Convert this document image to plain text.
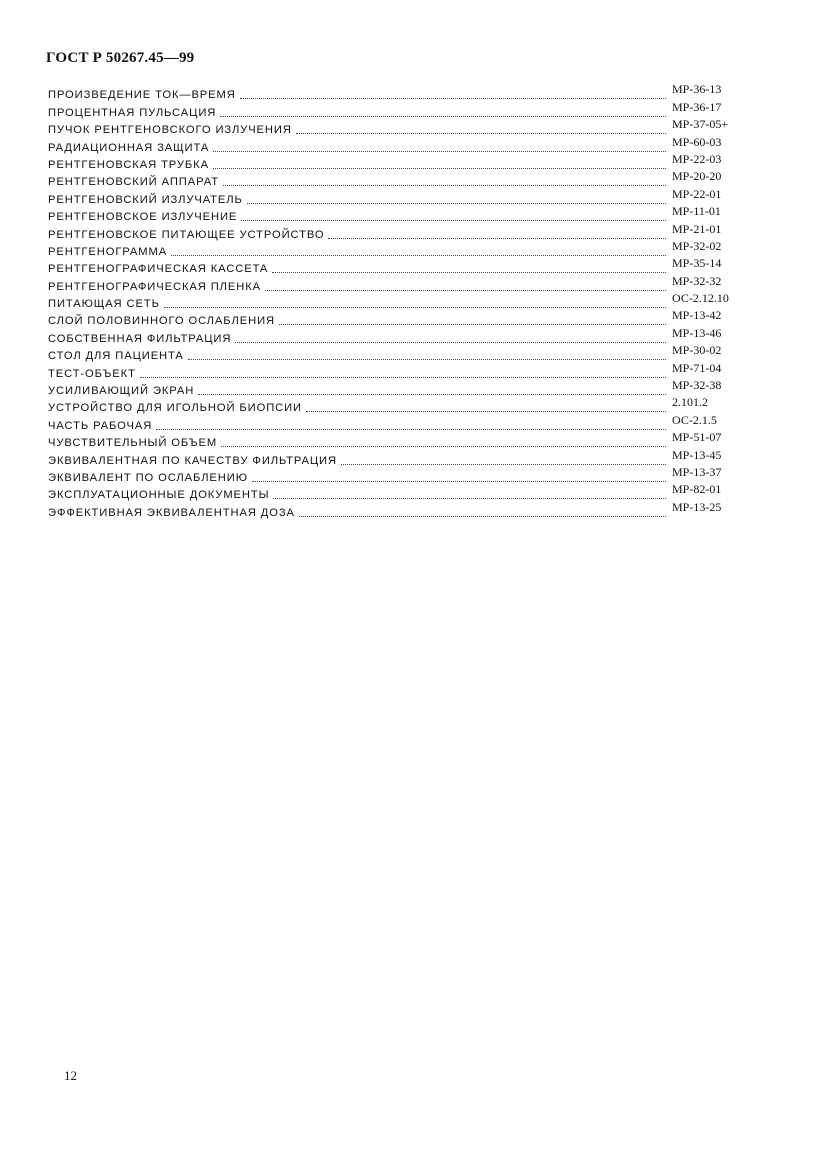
ГОСТ Р 50267.45—99
ПРОИЗВЕДЕНИЕ ТОК—ВРЕМЯ	МР-36-13
ПРОЦЕНТНАЯ ПУЛЬСАЦИЯ	МР-36-17
ПУЧОК РЕНТГЕНОВСКОГО ИЗЛУЧЕНИЯ	МР-37-05+
РАДИАЦИОННАЯ ЗАЩИТА	МР-60-03
РЕНТГЕНОВСКАЯ ТРУБКА	МР-22-03
РЕНТГЕНОВСКИЙ АППАРАТ	МР-20-20
РЕНТГЕНОВСКИЙ ИЗЛУЧАТЕЛЬ	МР-22-01
РЕНТГЕНОВСКОЕ ИЗЛУЧЕНИЕ	МР-11-01
РЕНТГЕНОВСКОЕ ПИТАЮЩЕЕ УСТРОЙСТВО	МР-21-01
РЕНТГЕНОГРАММА	МР-32-02
РЕНТГЕНОГРАФИЧЕСКАЯ КАССЕТА	МР-35-14
РЕНТГЕНОГРАФИЧЕСКАЯ ПЛЕНКА	МР-32-32
ПИТАЮЩАЯ СЕТЬ	ОС-2.12.10
СЛОЙ ПОЛОВИННОГО ОСЛАБЛЕНИЯ	МР-13-42
СОБСТВЕННАЯ ФИЛЬТРАЦИЯ	МР-13-46
СТОЛ ДЛЯ ПАЦИЕНТА	МР-30-02
ТЕСТ-ОБЪЕКТ	МР-71-04
УСИЛИВАЮЩИЙ ЭКРАН	МР-32-38
УСТРОЙСТВО ДЛЯ ИГОЛЬНОЙ БИОПСИИ	2.101.2
ЧАСТЬ РАБОЧАЯ	ОС-2.1.5
ЧУВСТВИТЕЛЬНЫЙ ОБЪЕМ	МР-51-07
ЭКВИВАЛЕНТНАЯ ПО КАЧЕСТВУ ФИЛЬТРАЦИЯ	МР-13-45
ЭКВИВАЛЕНТ ПО ОСЛАБЛЕНИЮ	МР-13-37
ЭКСПЛУАТАЦИОННЫЕ ДОКУМЕНТЫ	МР-82-01
ЭФФЕКТИВНАЯ ЭКВИВАЛЕНТНАЯ ДОЗА	МР-13-25
12
